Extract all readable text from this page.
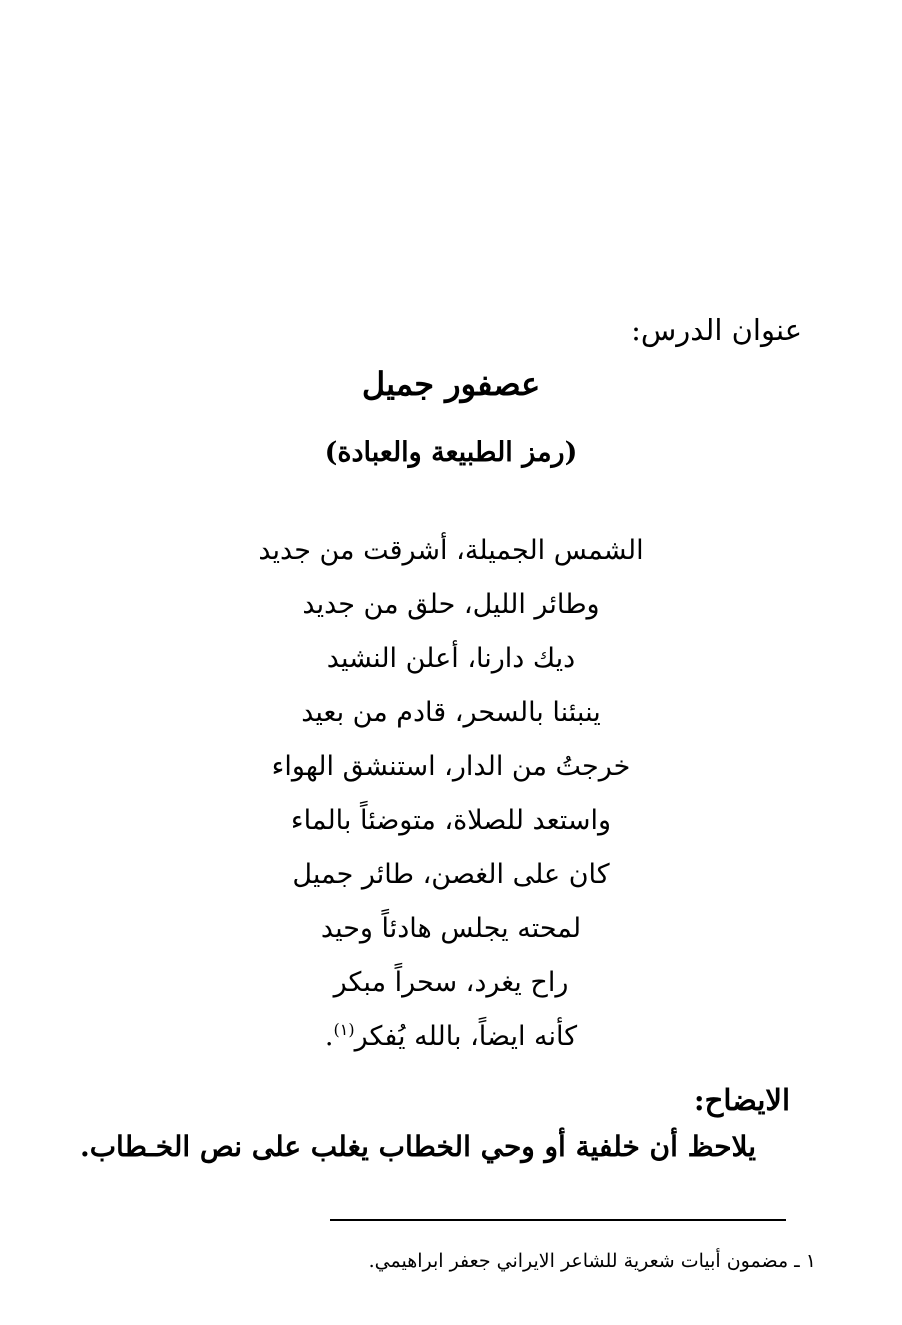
عنوان الدرس:
عصفور جميل
(رمز الطبيعة والعبادة)
الشمس الجميلة، أشرقت من جديد
وطائر الليل، حلق من جديد
ديك دارنا، أعلن النشيد
ينبئنا بالسحر، قادم من بعيد
خرجتُ من الدار، استنشق الهواء
واستعد للصلاة، متوضئاً بالماء
كان على الغصن، طائر جميل
لمحته يجلس هادئاً وحيد
راح يغرد، سحراً مبكر
كأنه ايضاً، بالله يُفكر$^{(١)}$.
الايضاح:
يلاحظ أن خلفية أو وحي الخطاب يغلب على نص الخـطاب.
١ ـ مضمون أبيات شعرية للشاعر الايراني جعفر ابراهيمي.
